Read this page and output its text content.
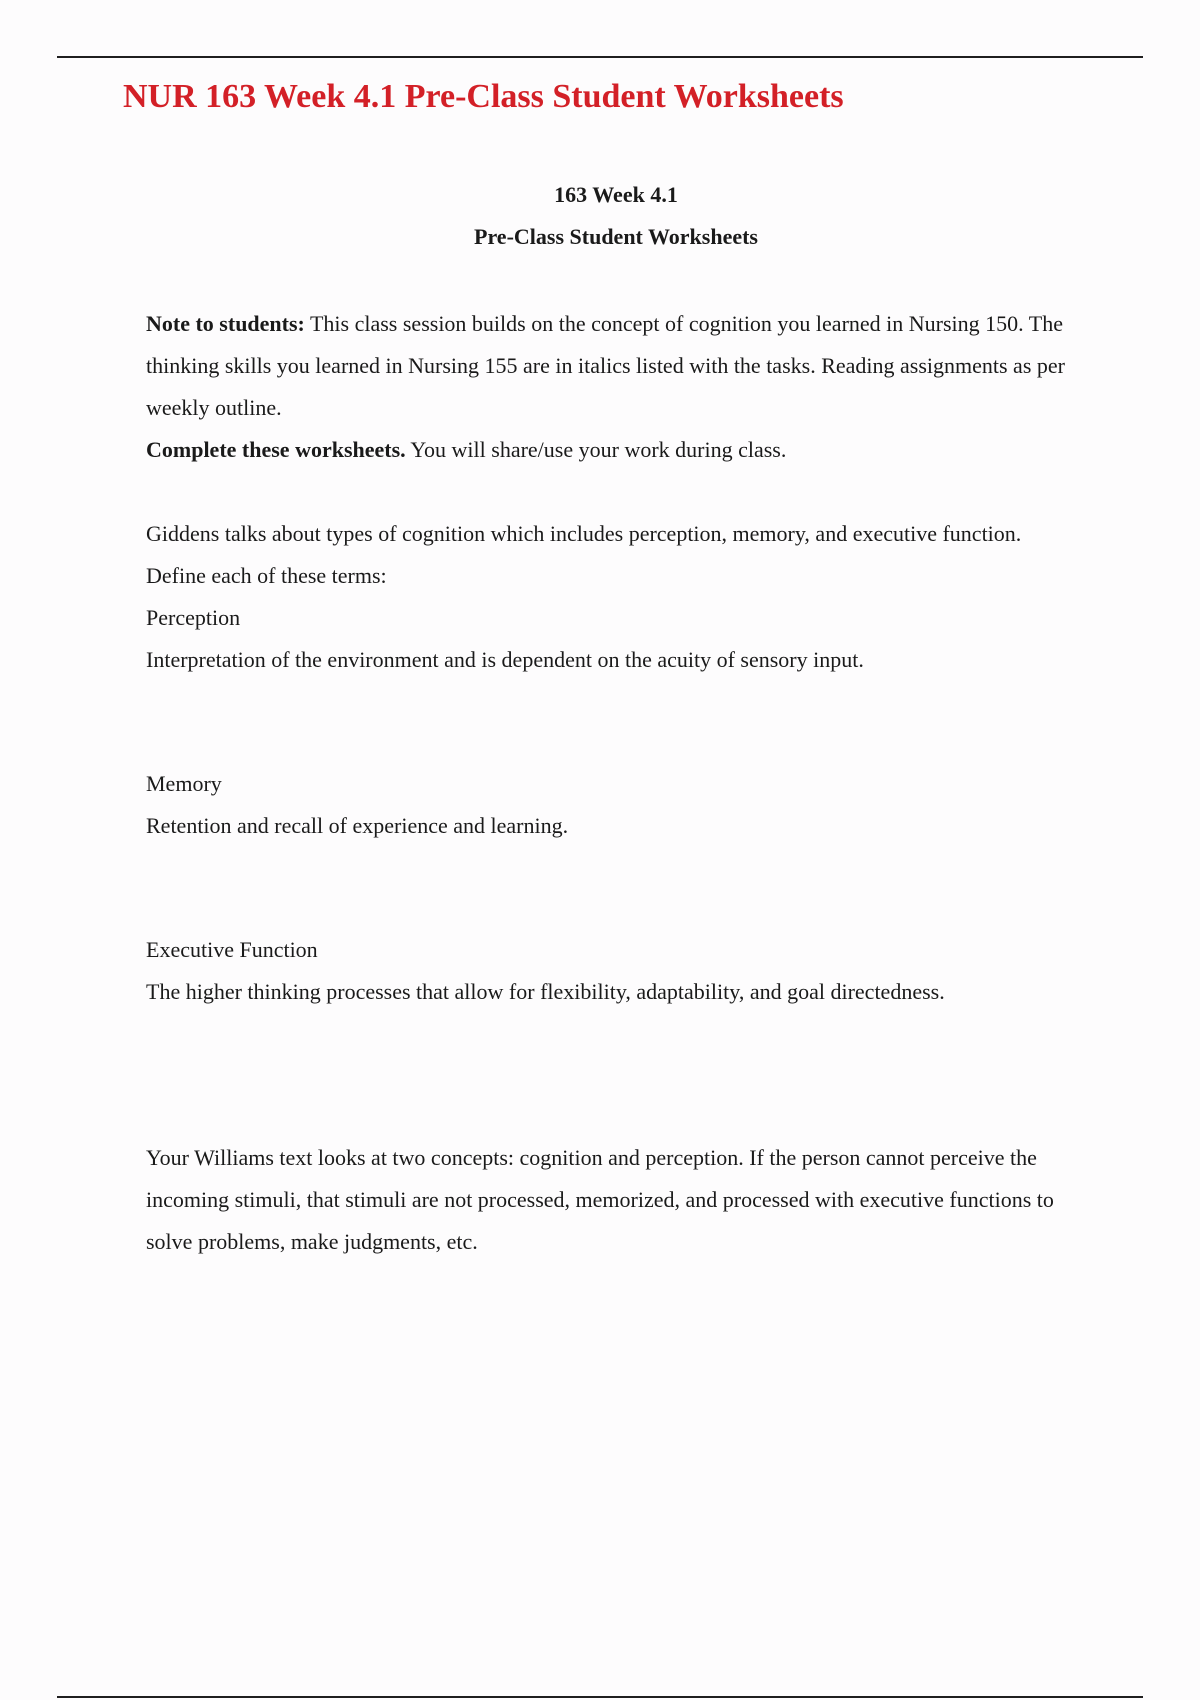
NUR 163 Week 4.1 Pre-Class Student Worksheets
163 Week 4.1
Pre-Class Student Worksheets

Note to students: This class session builds on the concept of cognition you learned in Nursing 150. The thinking skills you learned in Nursing 155 are in italics listed with the tasks. Reading assignments as per weekly outline.

Complete these worksheets. You will share/use your work during class.

Giddens talks about types of cognition which includes perception, memory, and executive function.

Define each of these terms:

Perception

Interpretation of the environment and is dependent on the acuity of sensory input.

Memory

Retention and recall of experience and learning.

Executive Function

The higher thinking processes that allow for flexibility, adaptability, and goal directedness.

Your Williams text looks at two concepts: cognition and perception. If the person cannot perceive the incoming stimuli, that stimuli are not processed, memorized, and processed with executive functions to solve problems, make judgments, etc.
